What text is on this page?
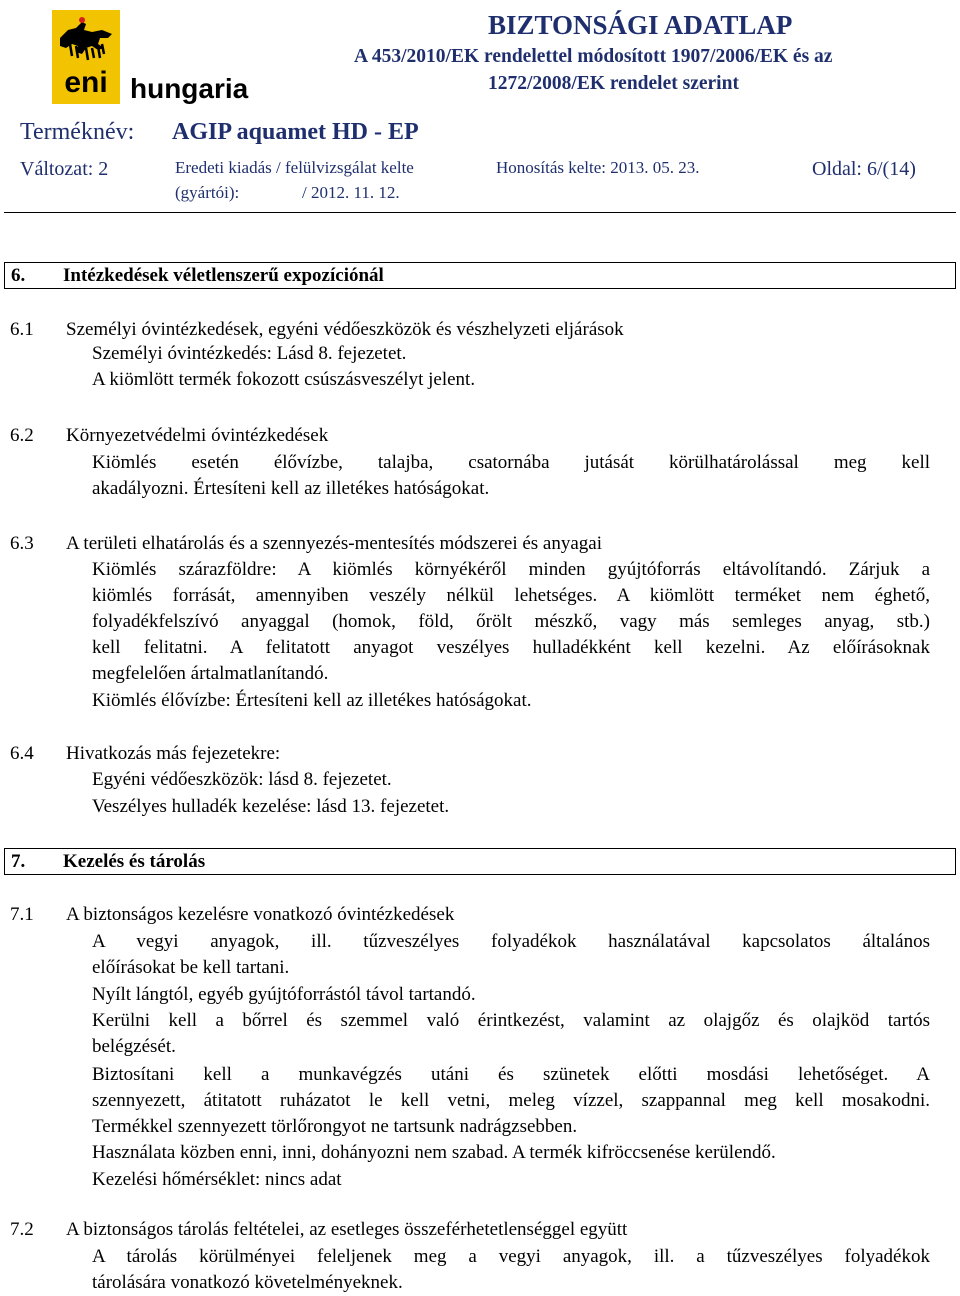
eni hungaria
BIZTONSÁGI ADATLAP
A 453/2010/EK rendelettel módosított 1907/2006/EK és az
1272/2008/EK rendelet szerint
Terméknév: AGIP aquamet HD - EP
Változat: 2	Eredeti kiadás / felülvizsgálat kelte
(gyártói):	/ 2012. 11. 12.
Honosítás kelte: 2013. 05. 23.	Oldal: 6/(14)
6. Intézkedések véletlenszerű expozíciónál
6.1 Személyi óvintézkedések, egyéni védőeszközök és vészhelyzeti eljárások
Személyi óvintézkedés: Lásd 8. fejezetet.
A kiömlött termék fokozott csúszásveszélyt jelent.
6.2 Környezetvédelmi óvintézkedések
Kiömlés esetén élővízbe, talajba, csatornába jutását körülhatárolással meg kell
akadályozni. Értesíteni kell az illetékes hatóságokat.
6.3 A területi elhatárolás és a szennyezés-mentesítés módszerei és anyagai
Kiömlés szárazföldre: A kiömlés környékéről minden gyújtóforrás eltávolítandó. Zárjuk a
kiömlés forrását, amennyiben veszély nélkül lehetséges. A kiömlött terméket nem éghető,
folyadékfelszívó anyaggal (homok, föld, őrölt mészkő, vagy más semleges anyag, stb.)
kell felitatni. A felitatott anyagot veszélyes hulladékként kell kezelni. Az előírásoknak
megfelelően ártalmatlanítandó.
Kiömlés élővízbe: Értesíteni kell az illetékes hatóságokat.
6.4 Hivatkozás más fejezetekre:
Egyéni védőeszközök: lásd 8. fejezetet.
Veszélyes hulladék kezelése: lásd 13. fejezetet.
7. Kezelés és tárolás
7.1 A biztonságos kezelésre vonatkozó óvintézkedések
A vegyi anyagok, ill. tűzveszélyes folyadékok használatával kapcsolatos általános
előírásokat be kell tartani.
Nyílt lángtól, egyéb gyújtóforrástól távol tartandó.
Kerülni kell a bőrrel és szemmel való érintkezést, valamint az olajgőz és olajköd tartós
belégzését.
Biztosítani kell a munkavégzés utáni és szünetek előtti mosdási lehetőséget. A
szennyezett, átitatott ruházatot le kell vetni, meleg vízzel, szappannal meg kell mosakodni.
Termékkel szennyezett törlőrongyot ne tartsunk nadrágzsebben.
Használata közben enni, inni, dohányozni nem szabad. A termék kifröccsenése kerülendő.
Kezelési hőmérséklet: nincs adat
7.2 A biztonságos tárolás feltételei, az esetleges összeférhetetlenséggel együtt
A tárolás körülményei feleljenek meg a vegyi anyagok, ill. a tűzveszélyes folyadékok
tárolására vonatkozó követelményeknek.
